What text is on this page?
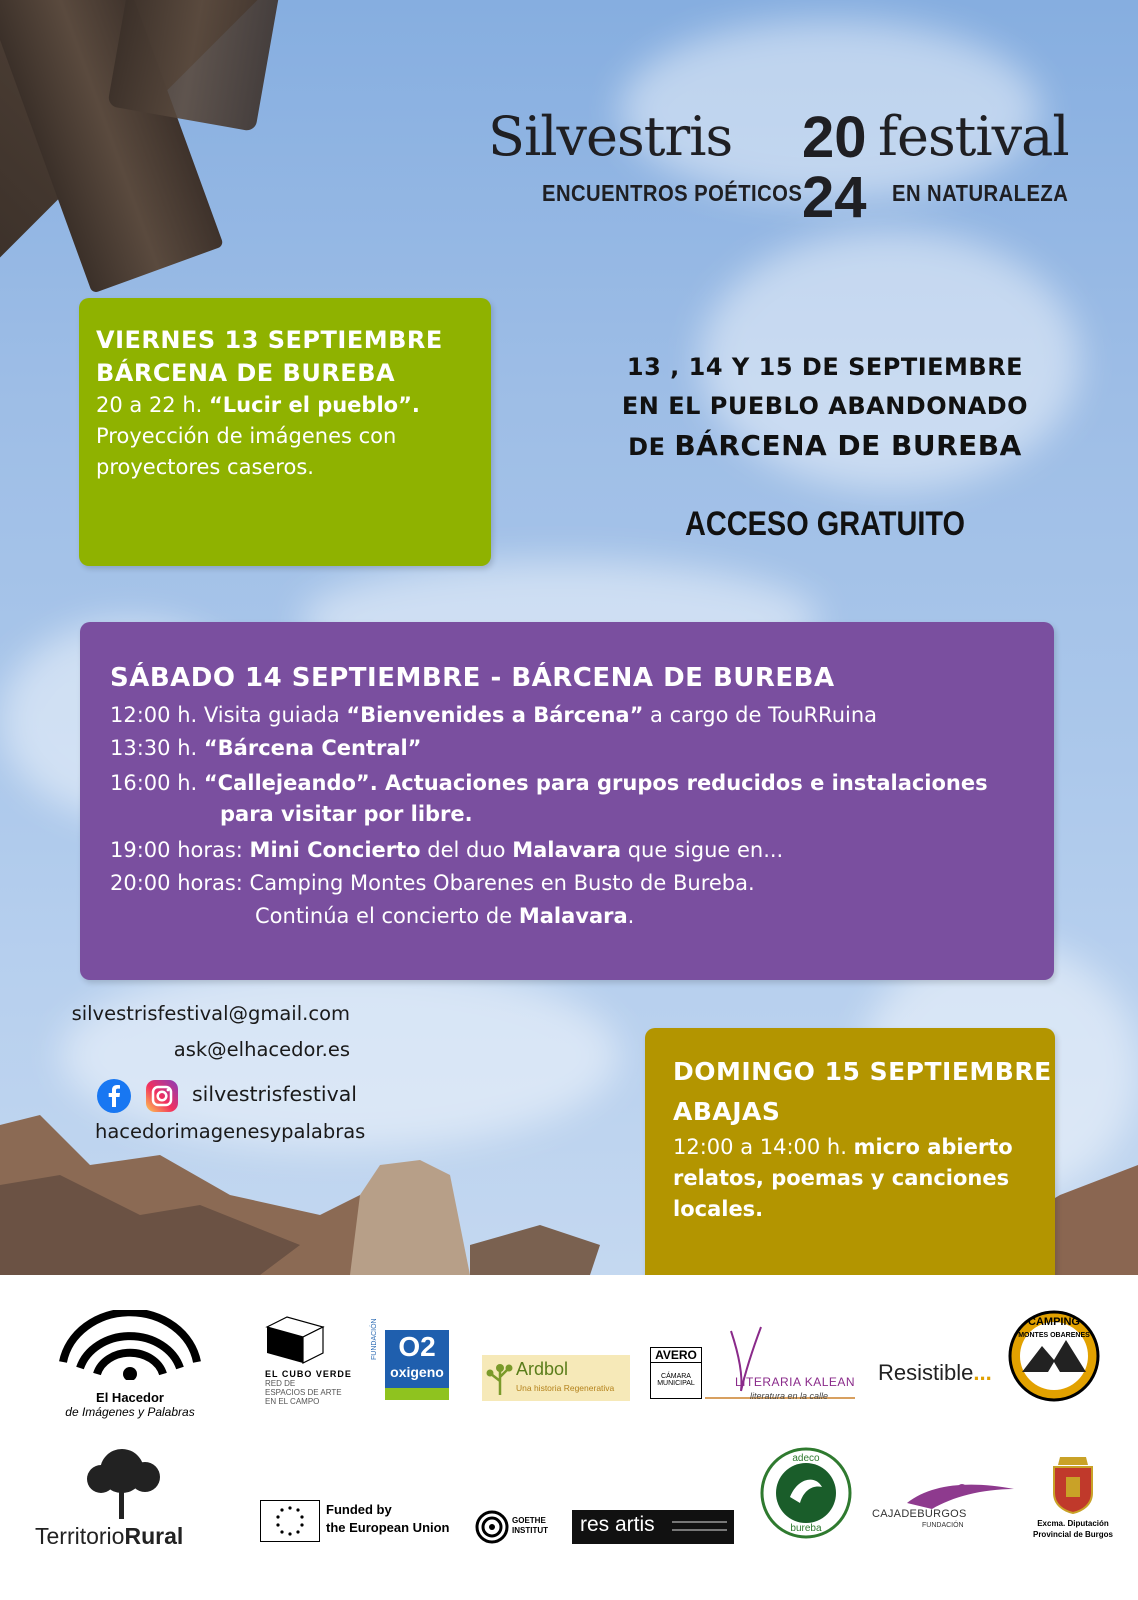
Silvestris 20 festival
ENCUENTROS POÉTICOS 24 EN NATURALEZA
VIERNES 13 SEPTIEMBRE
BÁRCENA DE BUREBA
20 a 22 h. “Lucir el pueblo”.
Proyección de imágenes con
proyectores caseros.
13 , 14 Y 15 DE SEPTIEMBRE
EN EL PUEBLO ABANDONADO
DE BÁRCENA DE BUREBA
ACCESO GRATUITO
SÁBADO 14 SEPTIEMBRE - BÁRCENA DE BUREBA
12:00 h. Visita guiada “Bienvenides a Bárcena” a cargo de TouRRuina
13:30 h. “Bárcena Central”
16:00 h. “Callejeando”. Actuaciones para grupos reducidos e instalaciones
para visitar por libre.
19:00 horas: Mini Concierto del duo Malavara que sigue en...
20:00 horas: Camping Montes Obarenes en Busto de Bureba.
Continúa el concierto de Malavara.
silvestrisfestival@gmail.com
ask@elhacedor.es
silvestrisfestival
hacedorimagenesypalabras
DOMINGO 15 SEPTIEMBRE
ABAJAS
12:00 a 14:00 h. micro abierto
relatos, poemas y canciones
locales.
El Hacedor
de Imágenes y Palabras
EL CUBO VERDE
RED DE
ESPACIOS DE ARTE
EN EL CAMPO
FUNDACIÓN O2
oxigeno	Ardbol
Una historia Regenerativa
AVERO
CÁMARA
MUNICIPAL	LITERARIA KALEAN
literatura en la calle
Resistible...
CAMPING
MONTES OBARENES
TerritorioRural
Funded by
the European Union	GOETHE
INSTITUT res artis
adeco
bureba
CAJADEBURGOS
FUNDACIÓN	Excma. Diputación
Provincial de Burgos
